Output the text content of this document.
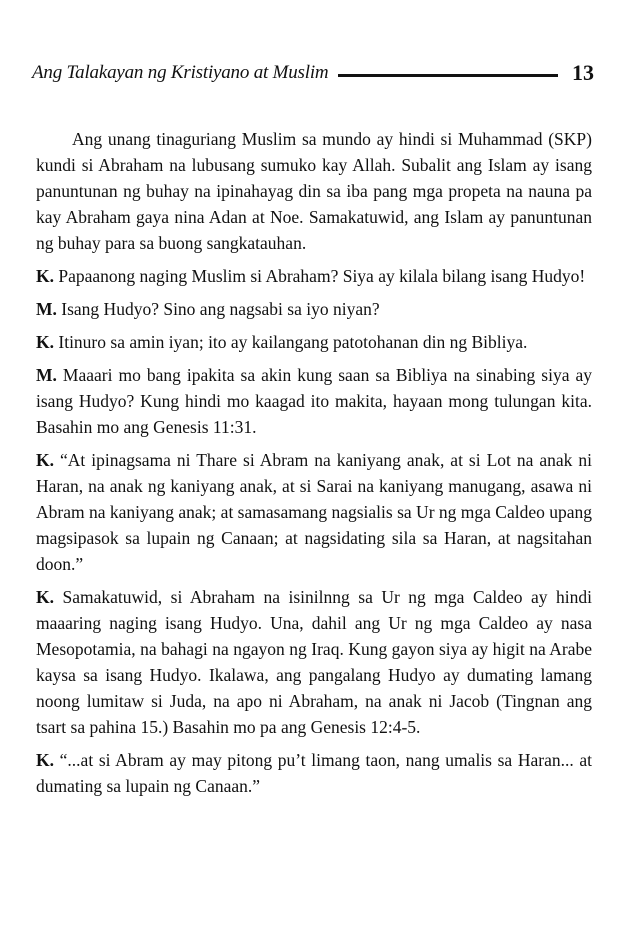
Ang Talakayan ng Kristiyano at Muslim	13

Ang unang tinaguriang Muslim sa mundo ay hindi si Muhammad (SKP) kundi si Abraham na lubusang sumuko kay Allah. Subalit ang Islam ay isang panuntunan ng buhay na ipinahayag din sa iba pang mga propeta na nauna pa kay Abraham gaya nina Adan at Noe. Samakatuwid, ang Islam ay panuntunan ng buhay para sa buong sangkatauhan.

K. Papaanong naging Muslim si Abraham? Siya ay kilala bilang isang Hudyo!

M. Isang Hudyo? Sino ang nagsabi sa iyo niyan?

K. Itinuro sa amin iyan; ito ay kailangang patotohanan din ng Bibliya.

M. Maaari mo bang ipakita sa akin kung saan sa Bibliya na sinabing siya ay isang Hudyo? Kung hindi mo kaagad ito makita, hayaan mong tulungan kita. Basahin mo ang Genesis 11:31.

K. “At ipinagsama ni Thare si Abram na kaniyang anak, at si Lot na anak ni Haran, na anak ng kaniyang anak, at si Sarai na kaniyang manugang, asawa ni Abram na kaniyang anak; at samasamang nagsialis sa Ur ng mga Caldeo upang magsipasok sa lupain ng Canaan; at nagsidating sila sa Haran, at nagsitahan doon.”

K. Samakatuwid, si Abraham na isinilnng sa Ur ng mga Caldeo ay hindi maaaring naging isang Hudyo. Una, dahil ang Ur ng mga Caldeo ay nasa Mesopotamia, na bahagi na ngayon ng Iraq. Kung gayon siya ay higit na Arabe kaysa sa isang Hudyo. Ikalawa, ang pangalang Hudyo ay dumating lamang noong lumitaw si Juda, na apo ni Abraham, na anak ni Jacob (Tingnan ang tsart sa pahina 15.) Basahin mo pa ang Genesis 12:4-5.

K. “...at si Abram ay may pitong pu’t limang taon, nang umalis sa Haran... at dumating sa lupain ng Canaan.”
